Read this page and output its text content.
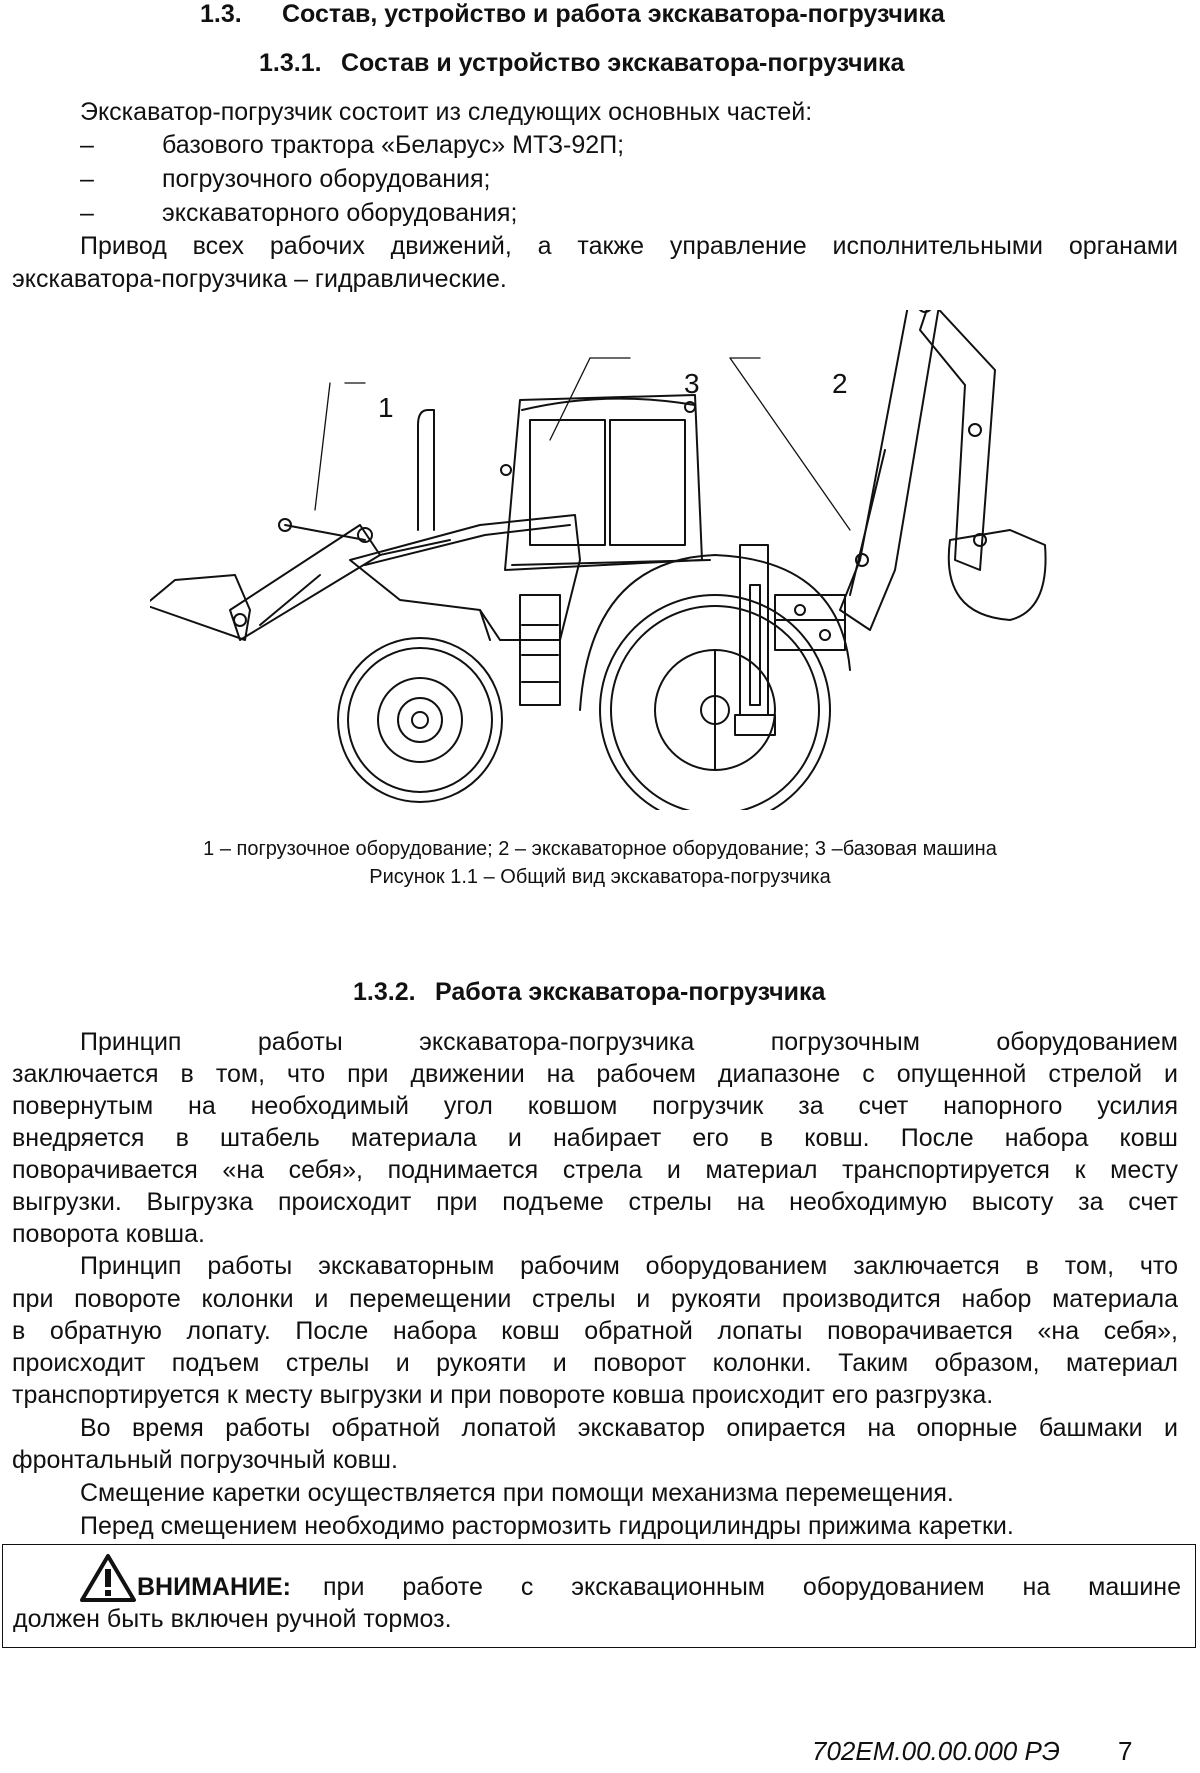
1.3. Состав, устройство и работа экскаватора-погрузчика
1.3.1. Состав и устройство экскаватора-погрузчика
Экскаватор-погрузчик состоит из следующих основных частей:
–	базового трактора «Беларус» МТЗ-92П;
–	погрузочного оборудования;
–	экскаваторного оборудования;
Привод всех рабочих движений, а также управление исполнительными органами
экскаватора-погрузчика – гидравлические.
1
2
3
1 – погрузочное оборудование; 2 – экскаваторное оборудование; 3 –базовая машина
Рисунок 1.1 – Общий вид экскаватора-погрузчика
1.3.2. Работа экскаватора-погрузчика
Принцип работы экскаватора-погрузчика погрузочным оборудованием
заключается в том, что при движении на рабочем диапазоне с опущенной стрелой и
повернутым на необходимый угол ковшом погрузчик за счет напорного усилия
внедряется в штабель материала и набирает его в ковш. После набора ковш
поворачивается «на себя», поднимается стрела и материал транспортируется к месту
выгрузки. Выгрузка происходит при подъеме стрелы на необходимую высоту за счет
поворота ковша.
Принцип работы экскаваторным рабочим оборудованием заключается в том, что
при повороте колонки и перемещении стрелы и рукояти производится набор материала
в обратную лопату. После набора ковш обратной лопаты поворачивается «на себя»,
происходит подъем стрелы и рукояти и поворот колонки. Таким образом, материал
транспортируется к месту выгрузки и при повороте ковша происходит его разгрузка.
Во время работы обратной лопатой экскаватор опирается на опорные башмаки и
фронтальный погрузочный ковш.
Смещение каретки осуществляется при помощи механизма перемещения.
Перед смещением необходимо растормозить гидроцилиндры прижима каретки.
ВНИМАНИЕ: при работе с экскавационным оборудованием на машине
должен быть включен ручной тормоз.
702ЕМ.00.00.000 РЭ 7
